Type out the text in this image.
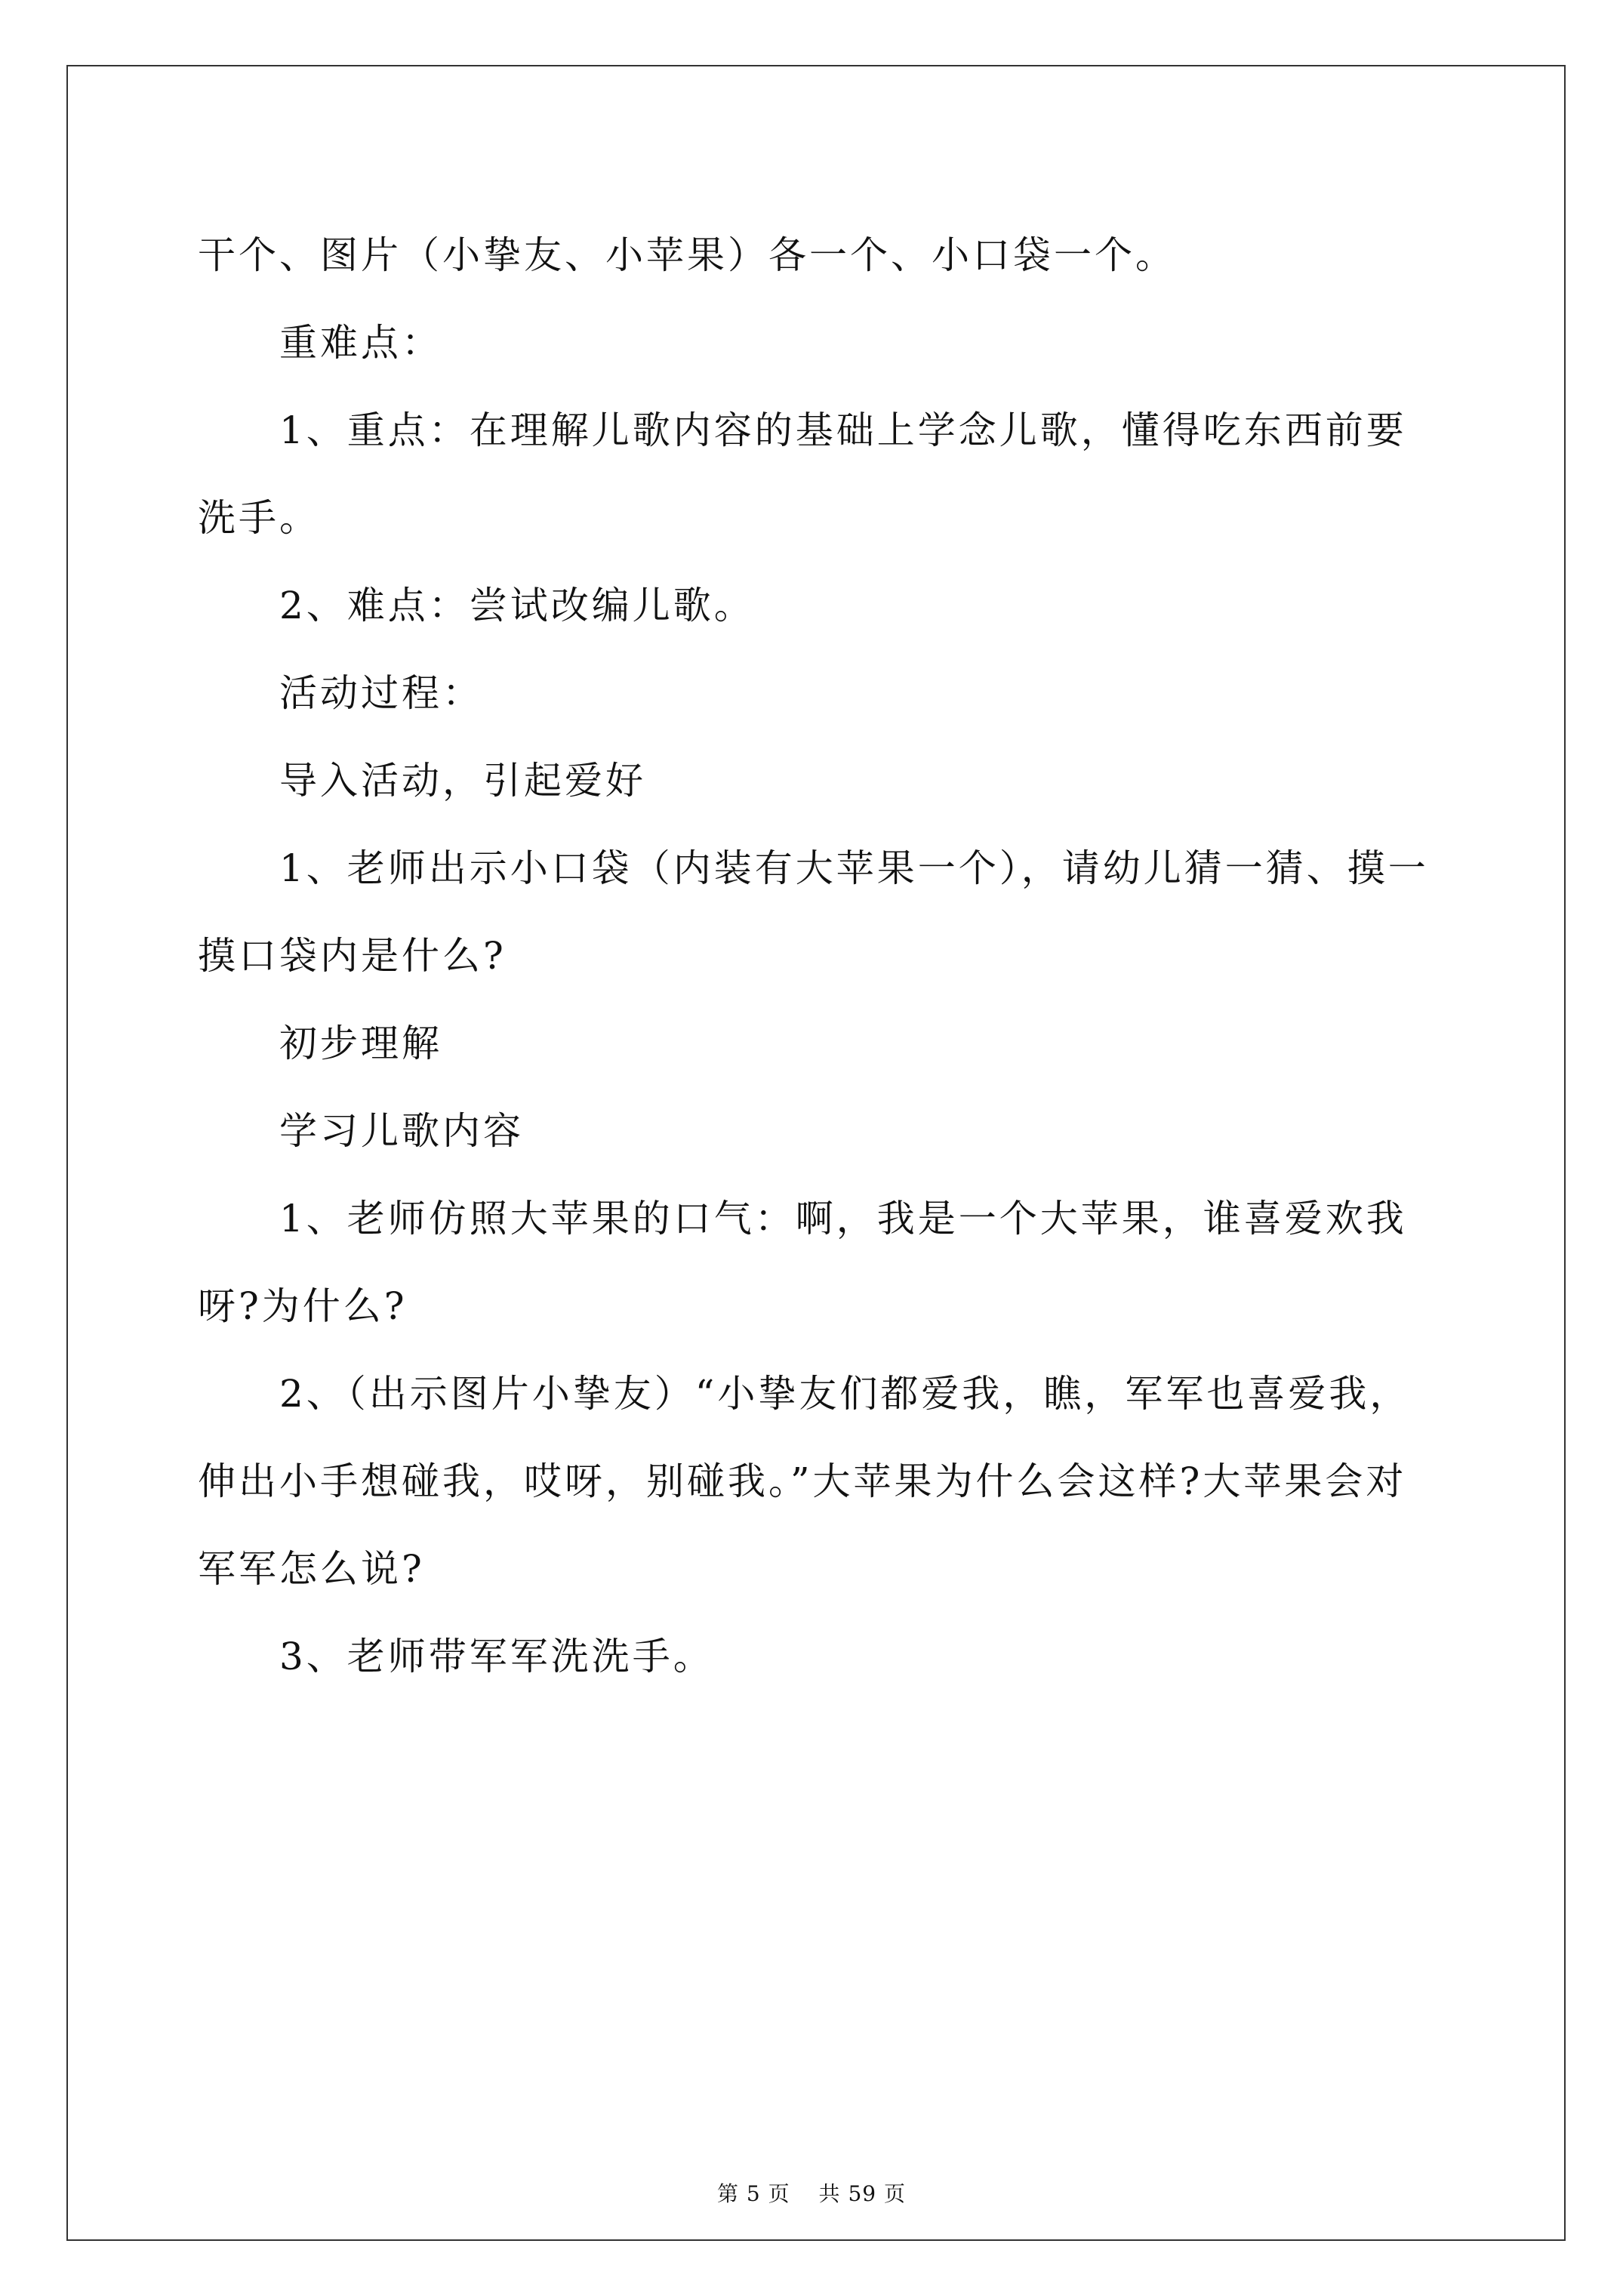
干个、图片（小挚友、小苹果）各一个、小口袋一个。

重难点：

1、重点：在理解儿歌内容的基础上学念儿歌，懂得吃东西前要洗手。

2、难点：尝试改编儿歌。

活动过程：

导入活动，引起爱好

1、老师出示小口袋（内装有大苹果一个），请幼儿猜一猜、摸一摸口袋内是什么?

初步理解

学习儿歌内容

1、老师仿照大苹果的口气：啊，我是一个大苹果，谁喜爱欢我呀?为什么?

2、（出示图片小挚友）“小挚友们都爱我，瞧，军军也喜爱我，伸出小手想碰我，哎呀，别碰我。”大苹果为什么会这样?大苹果会对军军怎么说?

3、老师带军军洗洗手。

第 5 页 共 59 页
